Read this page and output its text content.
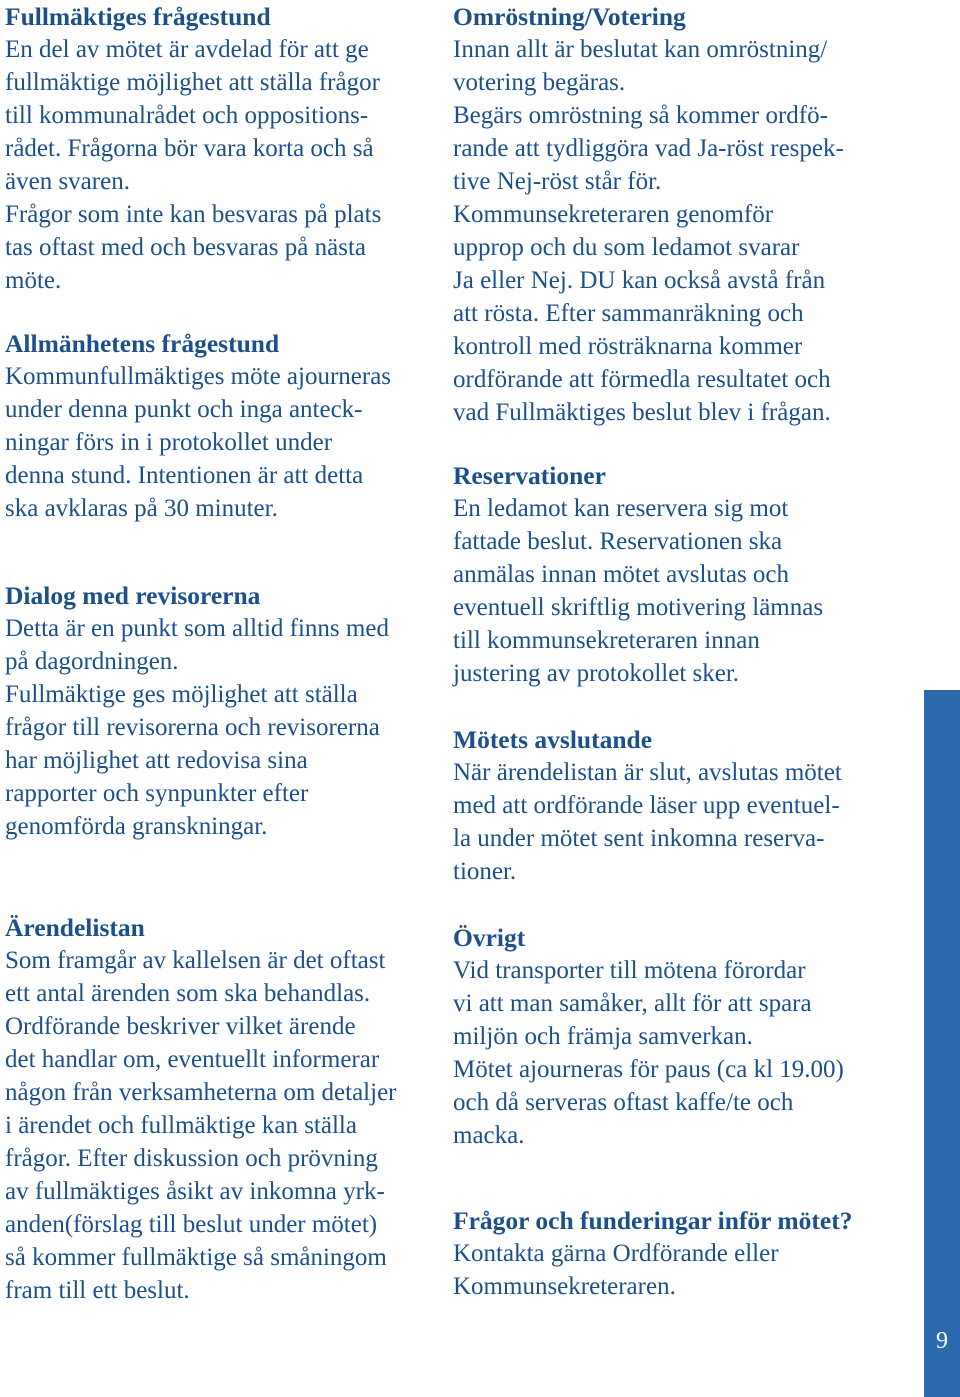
Fullmäktiges frågestund

En del av mötet är avdelad för att ge

fullmäktige möjlighet att ställa frågor

till kommunalrådet och oppositions-

rådet. Frågorna bör vara korta och så

även svaren.

Frågor som inte kan besvaras på plats

tas oftast med och besvaras på nästa

möte.

Allmänhetens frågestund

Kommunfullmäktiges möte ajourneras

under denna punkt och inga anteck-

ningar förs in i protokollet under

denna stund. Intentionen är att detta

ska avklaras på 30 minuter.

Dialog med revisorerna

Detta är en punkt som alltid finns med

på dagordningen.

Fullmäktige ges möjlighet att ställa

frågor till revisorerna och revisorerna

har möjlighet att redovisa sina

rapporter och synpunkter efter

genomförda granskningar.

Ärendelistan

Som framgår av kallelsen är det oftast

ett antal ärenden som ska behandlas.

Ordförande beskriver vilket ärende

det handlar om, eventuellt informerar

någon från verksamheterna om detaljer

i ärendet och fullmäktige kan ställa

frågor. Efter diskussion och prövning

av fullmäktiges åsikt av inkomna yrk-

anden(förslag till beslut under mötet)

så kommer fullmäktige så småningom

fram till ett beslut.

Omröstning/Votering

Innan allt är beslutat kan omröstning/

votering begäras.

Begärs omröstning så kommer ordfö-

rande att tydliggöra vad Ja-röst respek-

tive Nej-röst står för.

Kommunsekreteraren genomför

upprop och du som ledamot svarar

Ja eller Nej. DU kan också avstå från

att rösta. Efter sammanräkning och

kontroll med rösträknarna kommer

ordförande att förmedla resultatet och

vad Fullmäktiges beslut blev i frågan.

Reservationer

En ledamot kan reservera sig mot

fattade beslut. Reservationen ska

anmälas innan mötet avslutas och

eventuell skriftlig motivering lämnas

till kommunsekreteraren innan

justering av protokollet sker.

Mötets avslutande

När ärendelistan är slut, avslutas mötet

med att ordförande läser upp eventuel-

la under mötet sent inkomna reserva-

tioner.

Övrigt

Vid transporter till mötena förordar

vi att man samåker, allt för att spara

miljön och främja samverkan.

Mötet ajourneras för paus (ca kl 19.00)

och då serveras oftast kaffe/te och

macka.

Frågor och funderingar inför mötet?

Kontakta gärna Ordförande eller

Kommunsekreteraren.

9
